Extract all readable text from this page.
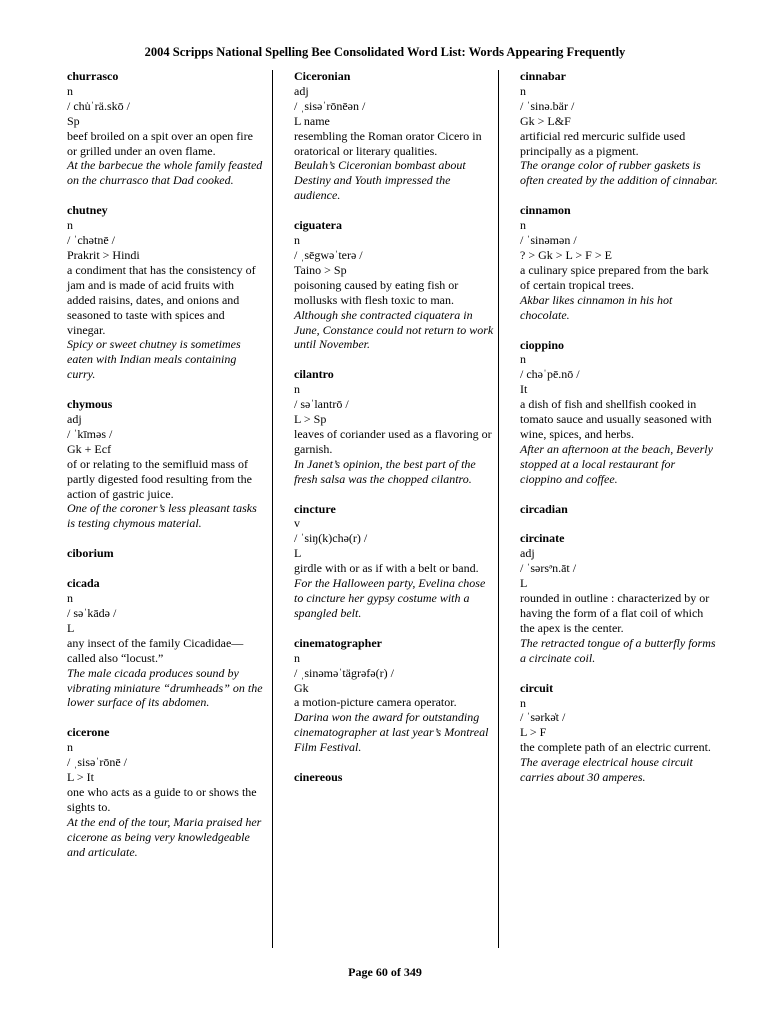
2004 Scripps National Spelling Bee Consolidated Word List: Words Appearing Frequently
churrasco
n
/ chu̇ˈrä.skō /
Sp
beef broiled on a spit over an open fire or grilled under an oven flame.
At the barbecue the whole family feasted on the churrasco that Dad cooked.
chutney
n
/ ˈchətnē /
Prakrit > Hindi
a condiment that has the consistency of jam and is made of acid fruits with added raisins, dates, and onions and seasoned to taste with spices and vinegar.
Spicy or sweet chutney is sometimes eaten with Indian meals containing curry.
chymous
adj
/ ˈkīməs /
Gk + Ecf
of or relating to the semifluid mass of partly digested food resulting from the action of gastric juice.
One of the coroner’s less pleasant tasks is testing chymous material.
ciborium
cicada
n
/ səˈkādə /
L
any insect of the family Cicadidae—called also “locust.”
The male cicada produces sound by vibrating miniature “drumheads” on the lower surface of its abdomen.
cicerone
n
/ ˌsisəˈrōnē /
L > It
one who acts as a guide to or shows the sights to.
At the end of the tour, Maria praised her cicerone as being very knowledgeable and articulate.
Ciceronian
adj
/ ˌsisəˈrōnēən /
L name
resembling the Roman orator Cicero in oratorical or literary qualities.
Beulah’s Ciceronian bombast about Destiny and Youth impressed the audience.
ciguatera
n
/ ˌsēgwəˈterə /
Taino > Sp
poisoning caused by eating fish or mollusks with flesh toxic to man.
Although she contracted ciquatera in June, Constance could not return to work until November.
cilantro
n
/ səˈlantrō /
L > Sp
leaves of coriander used as a flavoring or garnish.
In Janet’s opinion, the best part of the fresh salsa was the chopped cilantro.
cincture
v
/ ˈsiŋ(k)chə(r) /
L
girdle with or as if with a belt or band.
For the Halloween party, Evelina chose to cincture her gypsy costume with a spangled belt.
cinematographer
n
/ ˌsinəməˈtägrəfə(r) /
Gk
a motion-picture camera operator.
Darina won the award for outstanding cinematographer at last year’s Montreal Film Festival.
cinereous
cinnabar
n
/ ˈsinə.bär /
Gk > L&F
artificial red mercuric sulfide used principally as a pigment.
The orange color of rubber gaskets is often created by the addition of cinnabar.
cinnamon
n
/ ˈsinəmən /
? > Gk > L > F > E
a culinary spice prepared from the bark of certain tropical trees.
Akbar likes cinnamon in his hot chocolate.
cioppino
n
/ chəˈpē.nō /
It
a dish of fish and shellfish cooked in tomato sauce and usually seasoned with wine, spices, and herbs.
After an afternoon at the beach, Beverly stopped at a local restaurant for cioppino and coffee.
circadian
circinate
adj
/ ˈsərsᵊn.āt /
L
rounded in outline : characterized by or having the form of a flat coil of which the apex is the center.
The retracted tongue of a butterfly forms a circinate coil.
circuit
n
/ ˈsərkə̇t /
L > F
the complete path of an electric current.
The average electrical house circuit carries about 30 amperes.
Page 60 of 349
